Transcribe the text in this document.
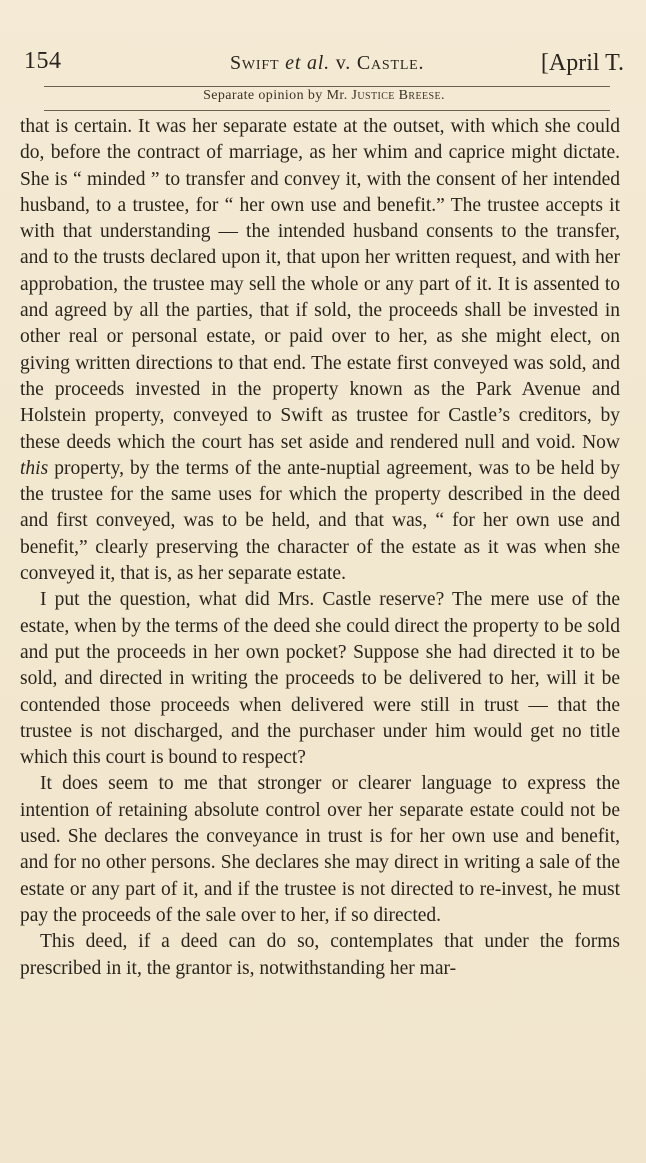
154	Swift et al. v. Castle.	[April T.
Separate opinion by Mr. Justice Breese.

that is certain. It was her separate estate at the outset, with which she could do, before the contract of marriage, as her whim and caprice might dictate. She is “ minded ” to transfer and convey it, with the consent of her intended husband, to a trustee, for “ her own use and benefit.” The trustee accepts it with that understanding — the intended husband consents to the transfer, and to the trusts declared upon it, that upon her written request, and with her approbation, the trustee may sell the whole or any part of it. It is assented to and agreed by all the parties, that if sold, the proceeds shall be invested in other real or personal estate, or paid over to her, as she might elect, on giving written directions to that end. The estate first conveyed was sold, and the proceeds invested in the property known as the Park Avenue and Holstein property, conveyed to Swift as trustee for Castle’s creditors, by these deeds which the court has set aside and rendered null and void. Now this property, by the terms of the ante-nuptial agreement, was to be held by the trustee for the same uses for which the property described in the deed and first conveyed, was to be held, and that was, “ for her own use and benefit,” clearly preserving the character of the estate as it was when she conveyed it, that is, as her separate estate.

I put the question, what did Mrs. Castle reserve? The mere use of the estate, when by the terms of the deed she could direct the property to be sold and put the proceeds in her own pocket? Suppose she had directed it to be sold, and directed in writing the proceeds to be delivered to her, will it be contended those proceeds when delivered were still in trust — that the trustee is not discharged, and the purchaser under him would get no title which this court is bound to respect?

It does seem to me that stronger or clearer language to express the intention of retaining absolute control over her separate estate could not be used. She declares the conveyance in trust is for her own use and benefit, and for no other persons. She declares she may direct in writing a sale of the estate or any part of it, and if the trustee is not directed to re-invest, he must pay the proceeds of the sale over to her, if so directed.

This deed, if a deed can do so, contemplates that under the forms prescribed in it, the grantor is, notwithstanding her mar-
